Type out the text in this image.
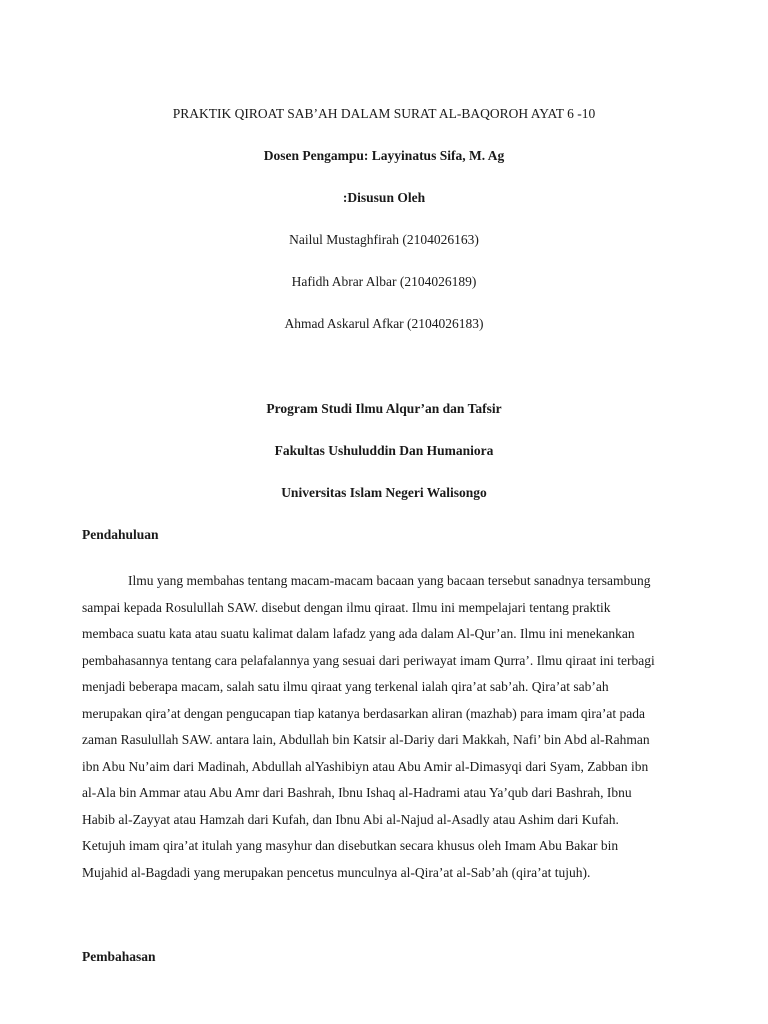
PRAKTIK QIROAT SAB’AH DALAM SURAT AL-BAQOROH AYAT 6 -10
Dosen Pengampu: Layyinatus Sifa, M. Ag
:Disusun Oleh
Nailul Mustaghfirah (2104026163)
Hafidh Abrar Albar (2104026189)
Ahmad Askarul Afkar (2104026183)
Program Studi Ilmu Alqur’an dan Tafsir
Fakultas Ushuluddin Dan Humaniora
Universitas Islam Negeri Walisongo
Pendahuluan
Ilmu yang membahas tentang macam-macam bacaan yang bacaan tersebut sanadnya tersambung
sampai kepada Rosulullah SAW. disebut dengan ilmu qiraat. Ilmu ini mempelajari tentang praktik
membaca suatu kata atau suatu kalimat dalam lafadz yang ada dalam Al-Qur’an. Ilmu ini menekankan
pembahasannya tentang cara pelafalannya yang sesuai dari periwayat imam Qurra’. Ilmu qiraat ini terbagi
menjadi beberapa macam, salah satu ilmu qiraat yang terkenal ialah qira’at sab’ah. Qira’at sab’ah
merupakan qira’at dengan pengucapan tiap katanya berdasarkan aliran (mazhab) para imam qira’at pada
zaman Rasulullah SAW. antara lain, Abdullah bin Katsir al-Dariy dari Makkah, Nafi’ bin Abd al-Rahman
ibn Abu Nu’aim dari Madinah, Abdullah alYashibiyn atau Abu Amir al-Dimasyqi dari Syam, Zabban ibn
al-Ala bin Ammar atau Abu Amr dari Bashrah, Ibnu Ishaq al-Hadrami atau Ya’qub dari Bashrah, Ibnu
Habib al-Zayyat atau Hamzah dari Kufah, dan Ibnu Abi al-Najud al-Asadly atau Ashim dari Kufah.
Ketujuh imam qira’at itulah yang masyhur dan disebutkan secara khusus oleh Imam Abu Bakar bin
Mujahid al-Bagdadi yang merupakan pencetus munculnya al-Qira’at al-Sab’ah (qira’at tujuh).
Pembahasan
